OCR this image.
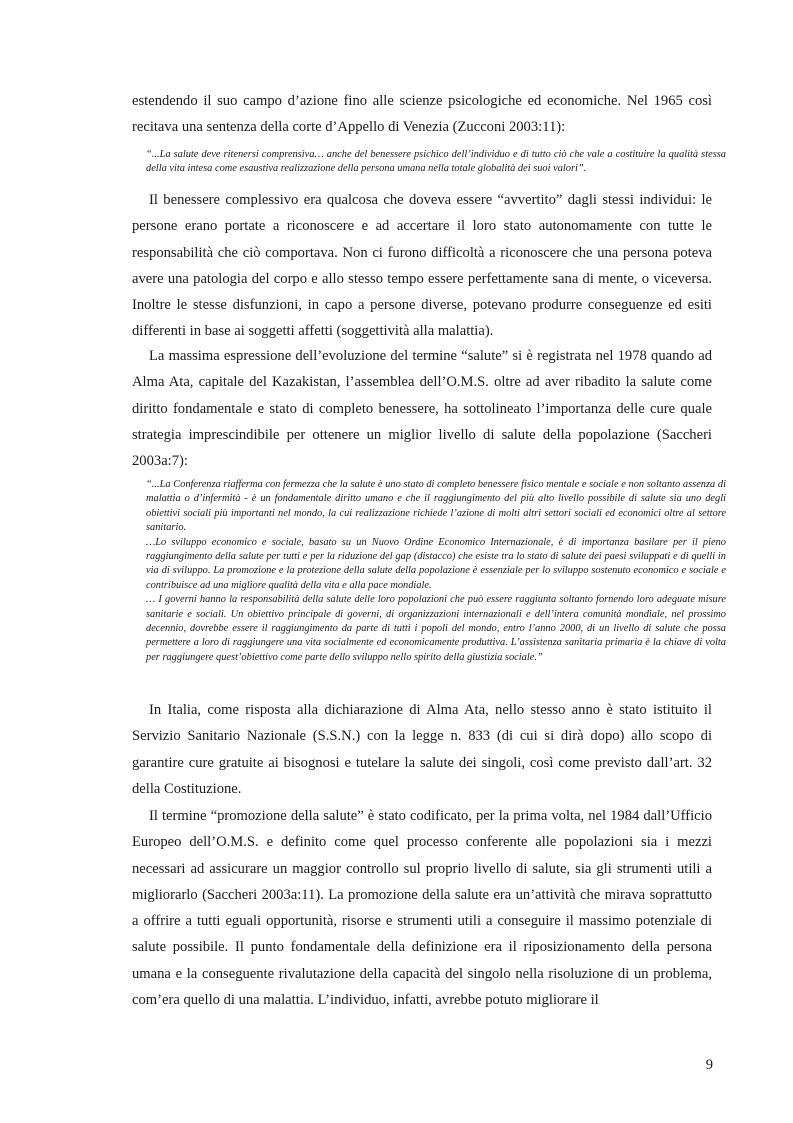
estendendo il suo campo d’azione fino alle scienze psicologiche ed economiche. Nel 1965 così recitava una sentenza della corte d’Appello di Venezia (Zucconi 2003:11):

“...La salute deve ritenersi comprensiva… anche del benessere psichico dell’individuo e di tutto ciò che vale a costituire la qualità stessa della vita intesa come esaustiva realizzazione della persona umana nella totale globalità dei suoi valori”.

Il benessere complessivo era qualcosa che doveva essere “avvertito” dagli stessi individui: le persone erano portate a riconoscere e ad accertare il loro stato autonomamente con tutte le responsabilità che ciò comportava. Non ci furono difficoltà a riconoscere che una persona poteva avere una patologia del corpo e allo stesso tempo essere perfettamente sana di mente, o viceversa. Inoltre le stesse disfunzioni, in capo a persone diverse, potevano produrre conseguenze ed esiti differenti in base ai soggetti affetti (soggettività alla malattia).

La massima espressione dell’evoluzione del termine “salute” si è registrata nel 1978 quando ad Alma Ata, capitale del Kazakistan, l’assemblea dell’O.M.S. oltre ad aver ribadito la salute come diritto fondamentale e stato di completo benessere, ha sottolineato l’importanza delle cure quale strategia imprescindibile per ottenere un miglior livello di salute della popolazione (Saccheri 2003a:7):

“...La Conferenza riafferma con fermezza che la salute è uno stato di completo benessere fisico mentale e sociale e non soltanto assenza di malattia o d’infermità - è un fondamentale diritto umano e che il raggiungimento del più alto livello possibile di salute sia uno degli obiettivi sociali più importanti nel mondo, la cui realizzazione richiede l’azione di molti altri settori sociali ed economici oltre al settore sanitario.

…Lo sviluppo economico e sociale, basato su un Nuovo Ordine Economico Internazionale, è di importanza basilare per il pieno raggiungimento della salute per tutti e per la riduzione del gap (distacco) che esiste tra lo stato di salute dei paesi sviluppati e di quelli in via di sviluppo. La promozione e la protezione della salute della popolazione è essenziale per lo sviluppo sostenuto economico e sociale e contribuisce ad una migliore qualità della vita e alla pace mondiale.

… I governi hanno la responsabilità della salute delle loro popolazioni che può essere raggiunta soltanto fornendo loro adeguate misure sanitarie e sociali. Un obiettivo principale di governi, di organizzazioni internazionali e dell’intera comunità mondiale, nel prossimo decennio, dovrebbe essere il raggiungimento da parte di tutti i popoli del mondo, entro l’anno 2000, di un livello di salute che possa permettere a loro di raggiungere una vita socialmente ed economicamente produttiva. L’assistenza sanitaria primaria è la chiave di volta per raggiungere quest’obiettivo come parte dello sviluppo nello spirito della giustizia sociale.”

In Italia, come risposta alla dichiarazione di Alma Ata, nello stesso anno è stato istituito il Servizio Sanitario Nazionale (S.S.N.) con la legge n. 833 (di cui si dirà dopo) allo scopo di garantire cure gratuite ai bisognosi e tutelare la salute dei singoli, così come previsto dall’art. 32 della Costituzione.

Il termine “promozione della salute” è stato codificato, per la prima volta, nel 1984 dall’Ufficio Europeo dell’O.M.S. e definito come quel processo conferente alle popolazioni sia i mezzi necessari ad assicurare un maggior controllo sul proprio livello di salute, sia gli strumenti utili a migliorarlo (Saccheri 2003a:11). La promozione della salute era un’attività che mirava soprattutto a offrire a tutti eguali opportunità, risorse e strumenti utili a conseguire il massimo potenziale di salute possibile. Il punto fondamentale della definizione era il riposizionamento della persona umana e la conseguente rivalutazione della capacità del singolo nella risoluzione di un problema, com’era quello di una malattia. L’individuo, infatti, avrebbe potuto migliorare il

9
